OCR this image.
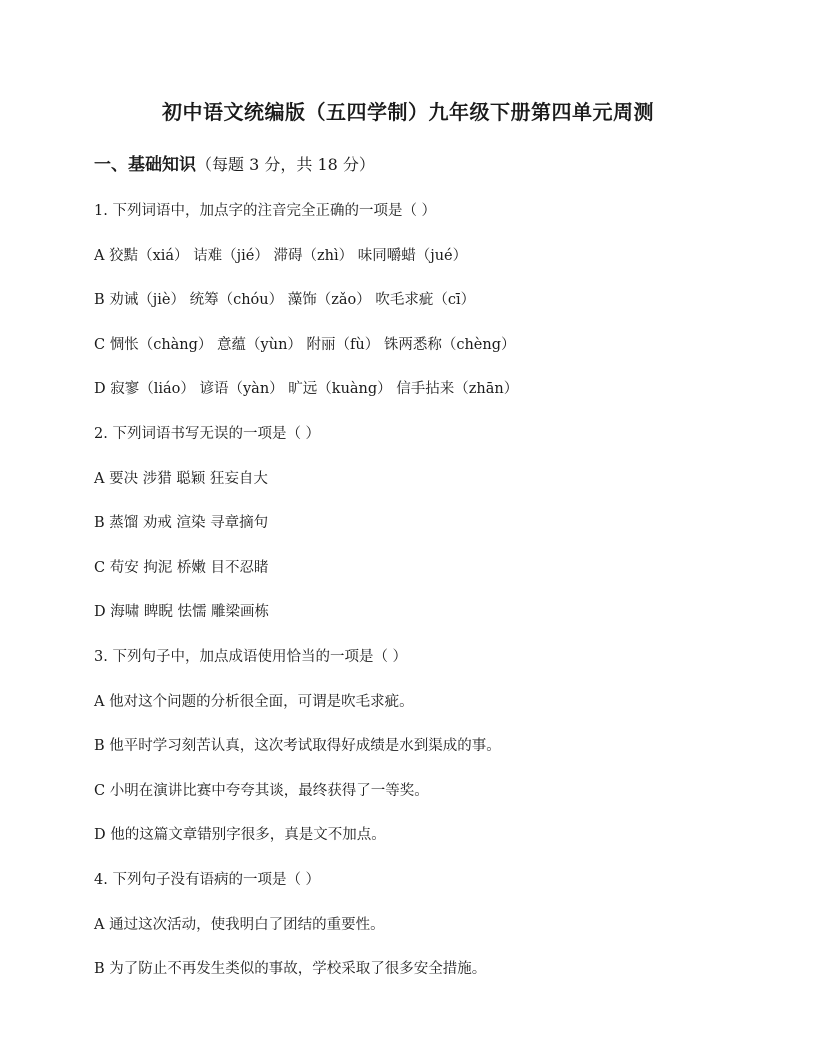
初中语文统编版（五四学制）九年级下册第四单元周测
一、基础知识（每题 3 分，共 18 分）
1. 下列词语中，加点字的注音完全正确的一项是（ ）
A 狡黠（xiá） 诘难（jié） 滞碍（zhì） 味同嚼蜡（jué）
B 劝诫（jiè） 统筹（chóu） 藻饰（zǎo） 吹毛求疵（cī）
C 惆怅（chàng） 意蕴（yùn） 附丽（fù） 铢两悉称（chèng）
D 寂寥（liáo） 谚语（yàn） 旷远（kuàng） 信手拈来（zhān）
2. 下列词语书写无误的一项是（ ）
A 要决 涉猎 聪颖 狂妄自大
B 蒸馏 劝戒 渲染 寻章摘句
C 苟安 拘泥 桥嫩 目不忍睹
D 海啸 睥睨 怯懦 雕梁画栋
3. 下列句子中，加点成语使用恰当的一项是（ ）
A 他对这个问题的分析很全面，可谓是吹毛求疵。
B 他平时学习刻苦认真，这次考试取得好成绩是水到渠成的事。
C 小明在演讲比赛中夸夸其谈，最终获得了一等奖。
D 他的这篇文章错别字很多，真是文不加点。
4. 下列句子没有语病的一项是（ ）
A 通过这次活动，使我明白了团结的重要性。
B 为了防止不再发生类似的事故，学校采取了很多安全措施。
